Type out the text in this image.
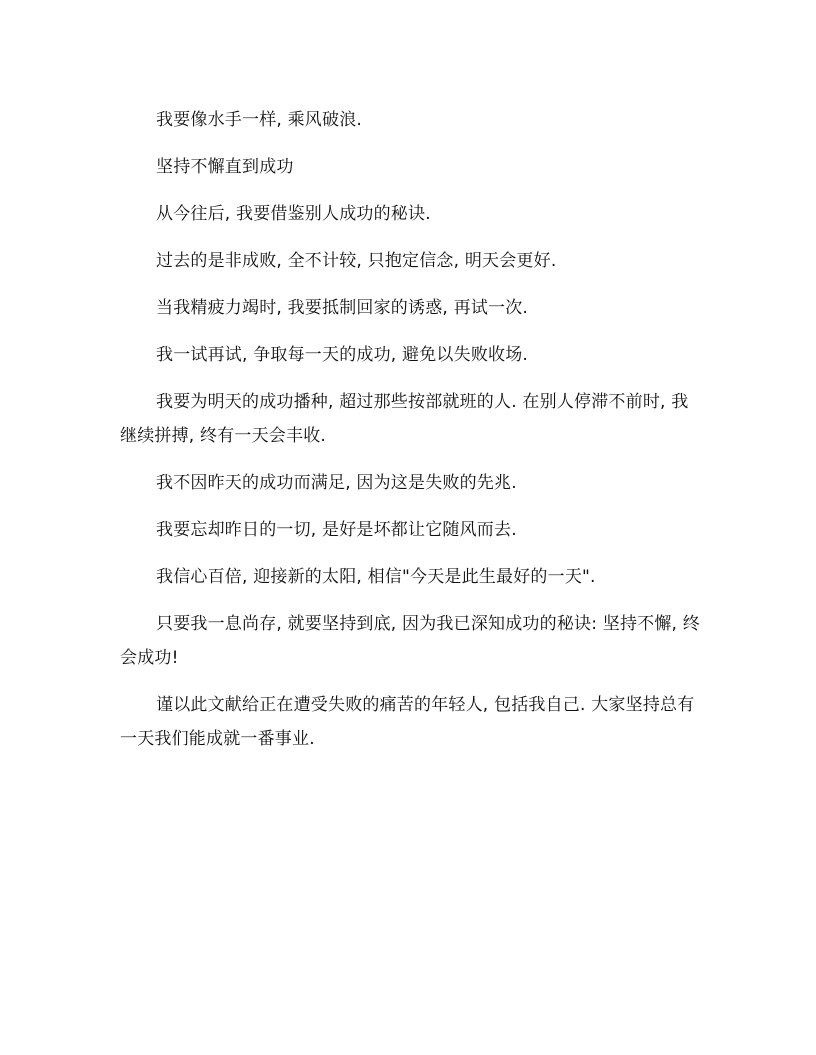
我要像水手一样, 乘风破浪.

坚持不懈直到成功

从今往后, 我要借鉴别人成功的秘诀.

过去的是非成败, 全不计较, 只抱定信念, 明天会更好.

当我精疲力竭时, 我要抵制回家的诱惑, 再试一次.

我一试再试, 争取每一天的成功, 避免以失败收场.

我要为明天的成功播种, 超过那些按部就班的人. 在别人停滞不前时, 我继续拼搏, 终有一天会丰收.

我不因昨天的成功而满足, 因为这是失败的先兆.

我要忘却昨日的一切, 是好是坏都让它随风而去.

我信心百倍, 迎接新的太阳, 相信"今天是此生最好的一天".

只要我一息尚存, 就要坚持到底, 因为我已深知成功的秘诀: 坚持不懈, 终会成功!

谨以此文献给正在遭受失败的痛苦的年轻人, 包括我自己. 大家坚持总有一天我们能成就一番事业.
